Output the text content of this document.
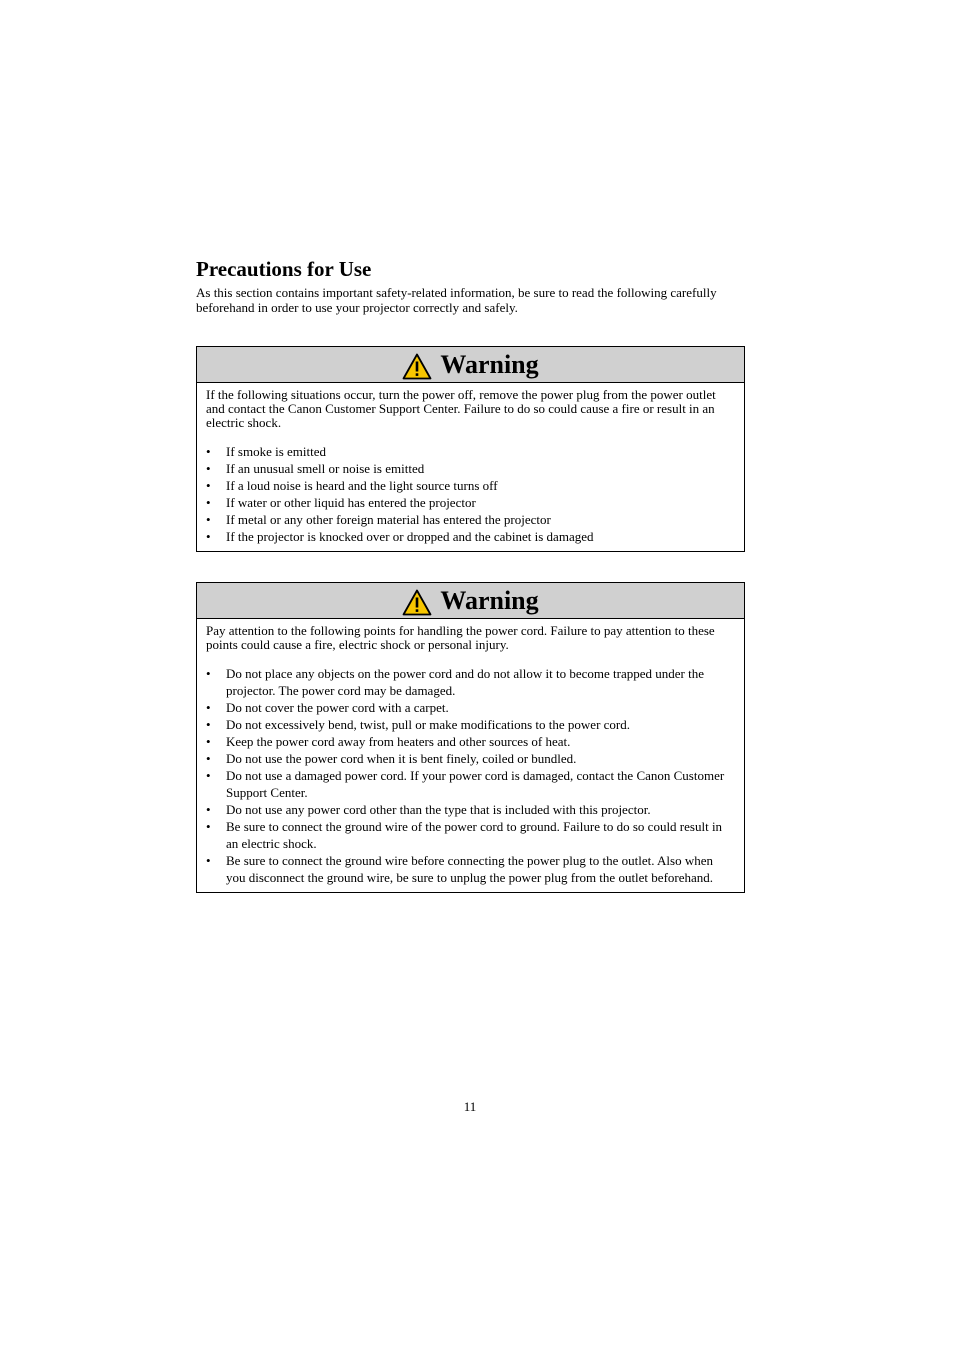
Precautions for Use

As this section contains important safety-related information, be sure to read the following carefully beforehand in order to use your projector correctly and safely.

Warning

If the following situations occur, turn the power off, remove the power plug from the power outlet and contact the Canon Customer Support Center. Failure to do so could cause a fire or result in an electric shock.

• If smoke is emitted
• If an unusual smell or noise is emitted
• If a loud noise is heard and the light source turns off
• If water or other liquid has entered the projector
• If metal or any other foreign material has entered the projector
• If the projector is knocked over or dropped and the cabinet is damaged
Warning

Pay attention to the following points for handling the power cord. Failure to pay attention to these points could cause a fire, electric shock or personal injury.

• Do not place any objects on the power cord and do not allow it to become trapped under the projector. The power cord may be damaged.
• Do not cover the power cord with a carpet.
• Do not excessively bend, twist, pull or make modifications to the power cord.
• Keep the power cord away from heaters and other sources of heat.
• Do not use the power cord when it is bent finely, coiled or bundled.
• Do not use a damaged power cord. If your power cord is damaged, contact the Canon Customer Support Center.
• Do not use any power cord other than the type that is included with this projector.
• Be sure to connect the ground wire of the power cord to ground. Failure to do so could result in an electric shock.
• Be sure to connect the ground wire before connecting the power plug to the outlet. Also when you disconnect the ground wire, be sure to unplug the power plug from the outlet beforehand.
11
